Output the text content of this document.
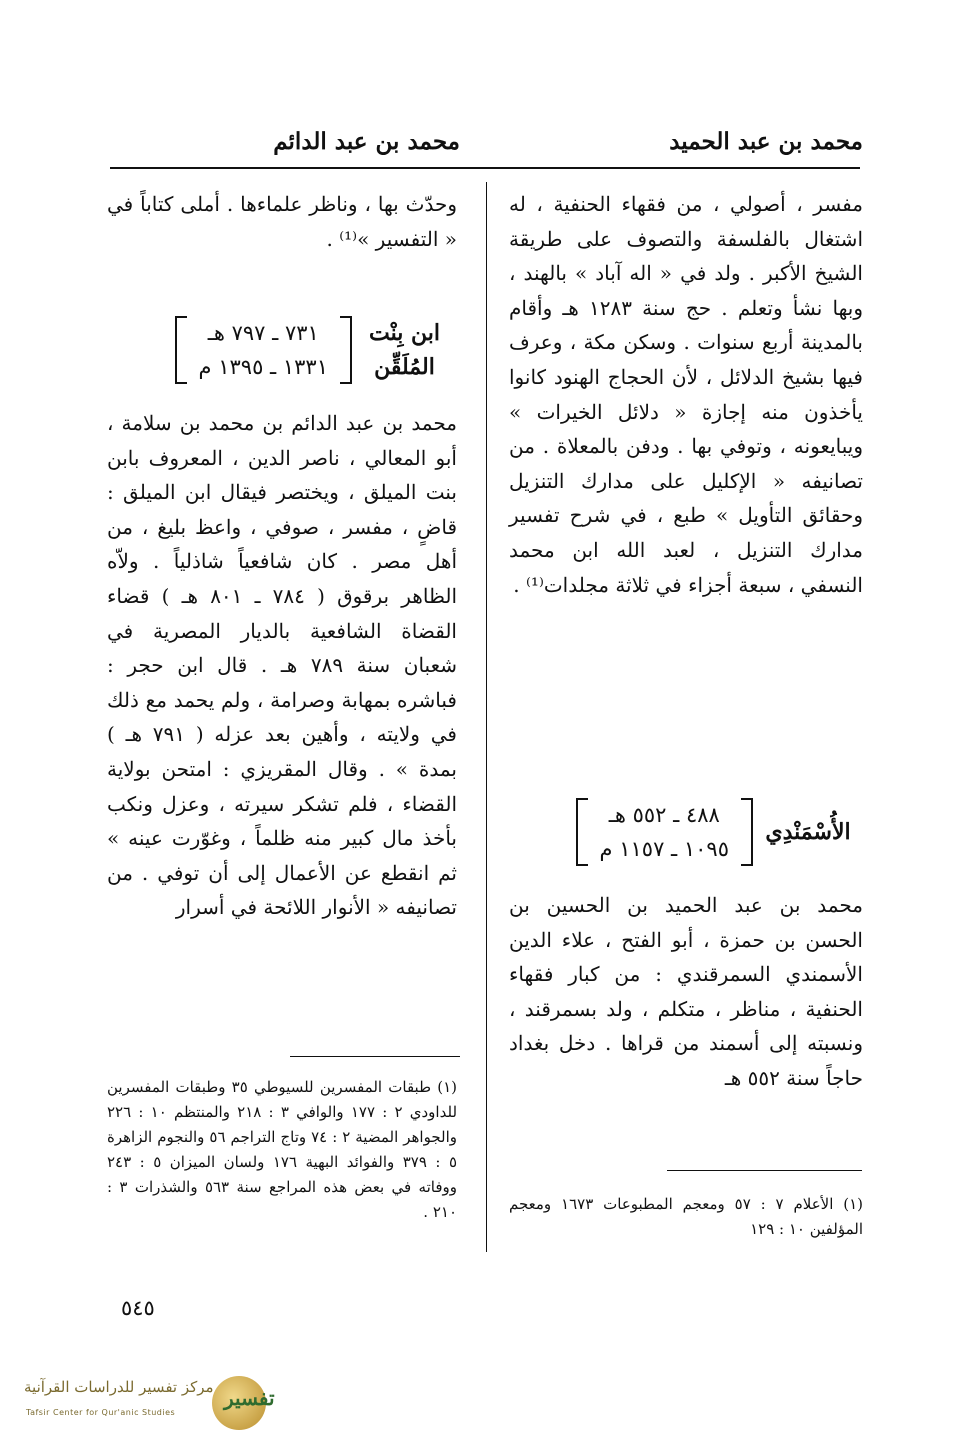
محمد بن عبد الحميد
محمد بن عبد الدائم

مفسر ، أصولي ، من فقهاء الحنفية ، له اشتغال بالفلسفة والتصوف على طريقة الشيخ الأكبر . ولد في « اله آباد » بالهند ، وبها نشأ وتعلم . حج سنة ١٢٨٣ هـ وأقام بالمدينة أربع سنوات . وسكن مكة ، وعرف فيها بشيخ الدلائل ، لأن الحجاج الهنود كانوا يأخذون منه إجازة « دلائل الخيرات » ويبايعونه ، وتوفي بها . ودفن بالمعلاة . من تصانيفه « الإكليل على مدارك التنزيل وحقائق التأويل » طبع ، في شرح تفسير مدارك التنزيل ، لعبد الله ابن محمد النسفي ، سبعة أجزاء في ثلاثة مجلدات⁽¹⁾ .

الأُسْمَنْدِي
٤٨٨ ـ ٥٥٢ هـ
١٠٩٥ ـ ١١٥٧ م

محمد بن عبد الحميد بن الحسين بن الحسن بن حمزة ، أبو الفتح ، علاء الدين الأسمندي السمرقندي : من كبار فقهاء الحنفية ، مناظر ، متكلم ، ولد بسمرقند ، ونسبته إلى أسمند من قراها . دخل بغداد حاجاً سنة ٥٥٢ هـ

(١) الأعلام ٧ : ٥٧ ومعجم المطبوعات ١٦٧٣ ومعجم المؤلفين ١٠ : ١٢٩

وحدّث بها ، وناظر علماءها . أملى كتاباً في « التفسير »⁽¹⁾ .

ابن بِنْت
المُلَقِّن
٧٣١ ـ ٧٩٧ هـ
١٣٣١ ـ ١٣٩٥ م

محمد بن عبد الدائم بن محمد بن سلامة ، أبو المعالي ، ناصر الدين ، المعروف بابن بنت الميلق ، ويختصر فيقال ابن الميلق : قاضٍ ، مفسر ، صوفي ، واعظ بليغ ، من أهل مصر . كان شافعياً شاذلياً . ولاّه الظاهر برقوق ( ٧٨٤ ـ ٨٠١ هـ ) قضاء القضاة الشافعية بالديار المصرية في شعبان سنة ٧٨٩ هـ . قال ابن حجر : فباشره بمهابة وصرامة ، ولم يحمد مع ذلك في ولايته ، وأهين بعد عزله ( ٧٩١ هـ ) بمدة » . وقال المقريزي : امتحن بولاية القضاء ، فلم تشكر سيرته ، وعزل ونكب بأخذ مال كبير منه ظلماً ، وغوّرت عينه » ثم انقطع عن الأعمال إلى أن توفي . من تصانيفه « الأنوار اللائحة في أسرار

(١) طبقات المفسرين للسيوطي ٣٥ وطبقات المفسرين للداودي ٢ : ١٧٧ والوافي ٣ : ٢١٨ والمنتظم ١٠ : ٢٢٦ والجواهر المضية ٢ : ٧٤ وتاج التراجم ٥٦ والنجوم الزاهرة ٥ : ٣٧٩ والفوائد البهية ١٧٦ ولسان الميزان ٥ : ٢٤٣ ووفاته في بعض هذه المراجع سنة ٥٦٣ والشذرات ٣ : ٢١٠ .
٥٤٥
تفسير
مركز تفسير للدراسات القرآنية
Tafsir Center for Qur'anic Studies
